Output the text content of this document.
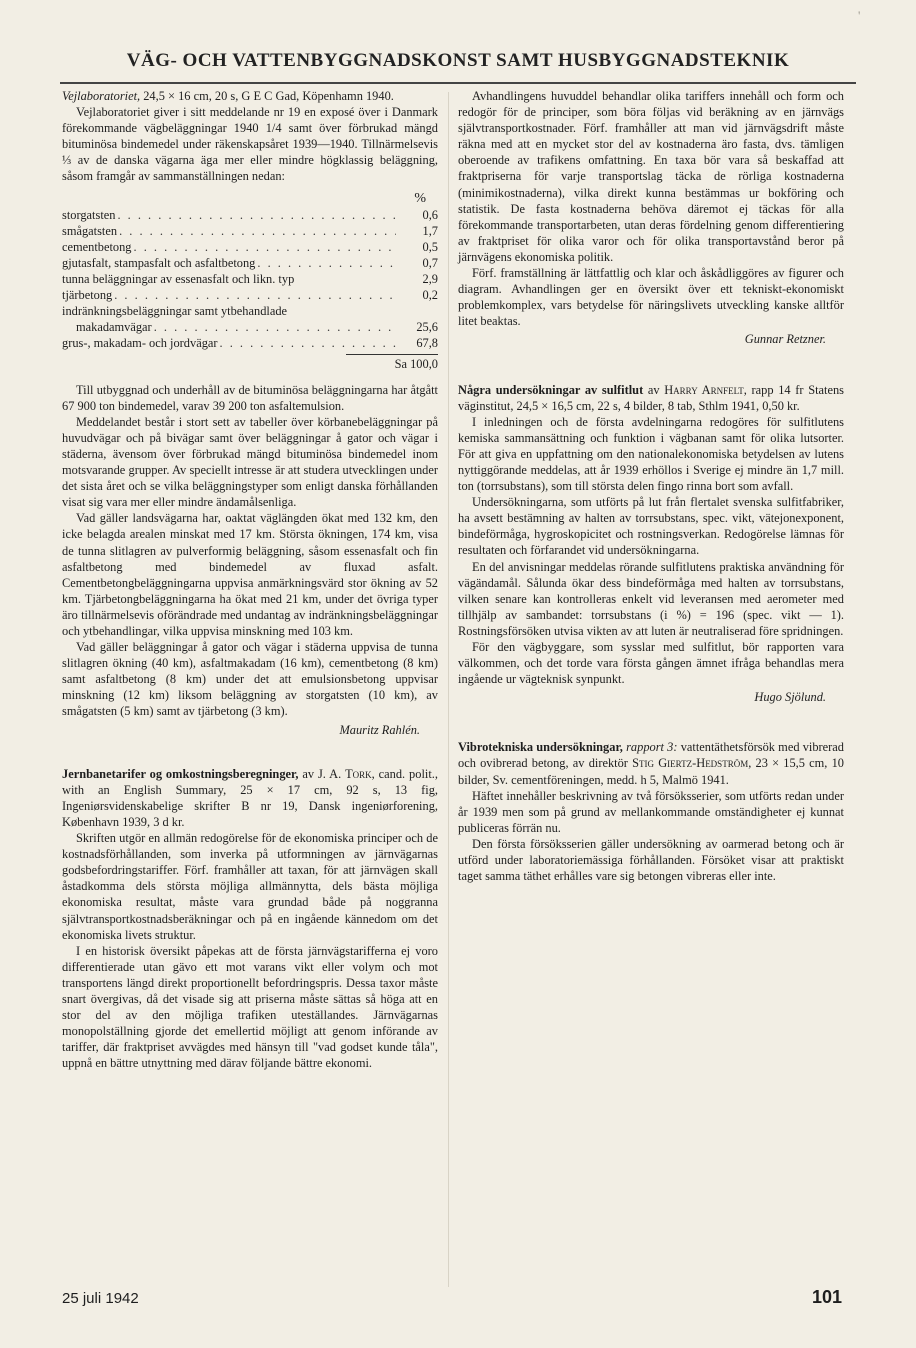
'
VÄG- OCH VATTENBYGGNADSKONST SAMT HUSBYGGNADSTEKNIK

Vejlaboratoriet, 24,5 × 16 cm, 20 s, G E C Gad, Köpenhamn 1940.

Vejlaboratoriet giver i sitt meddelande nr 19 en exposé över i Danmark förekommande vägbeläggningar 1940 1/4 samt över förbrukad mängd bituminösa bindemedel under räkenskapsåret 1939—1940. Tillnärmelsevis ⅓ av de danska vägarna äga mer eller mindre högklassig beläggning, såsom framgår av sammanställningen nedan:

%
storgatsten . . .	0,6
smågatsten . . .	1,7
cementbetong . . .	0,5
gjutasfalt, stampasfalt och asfaltbetong . . .	0,7
tunna beläggningar av essenasfalt och likn. typ	2,9
tjärbetong . . .	0,2
indränkningsbeläggningar samt ytbehandlade
makadamvägar . . .	25,6
grus-, makadam- och jordvägar . . .	67,8
Sa 100,0

Till utbyggnad och underhåll av de bituminösa beläggningarna har åtgått 67 900 ton bindemedel, varav 39 200 ton asfaltemulsion.

Meddelandet består i stort sett av tabeller över körbanebeläggningar på huvudvägar och på bivägar samt över beläggningar å gator och vägar i städerna, ävensom över förbrukad mängd bituminösa bindemedel inom motsvarande grupper. Av speciellt intresse är att studera utvecklingen under det sista året och se vilka beläggningstyper som enligt danska förhållanden visat sig vara mer eller mindre ändamålsenliga.

Vad gäller landsvägarna har, oaktat väglängden ökat med 132 km, den icke belagda arealen minskat med 17 km. Största ökningen, 174 km, visa de tunna slitlagren av pulverformig beläggning, såsom essenasfalt och fin asfaltbetong med bindemedel av fluxad asfalt. Cementbetongbeläggningarna uppvisa anmärkningsvärd stor ökning av 52 km. Tjärbetongbeläggningarna ha ökat med 21 km, under det övriga typer äro tillnärmelsevis oförändrade med undantag av indränkningsbeläggningar och ytbehandlingar, vilka uppvisa minskning med 103 km.

Vad gäller beläggningar å gator och vägar i städerna uppvisa de tunna slitlagren ökning (40 km), asfaltmakadam (16 km), cementbetong (8 km) samt asfaltbetong (8 km) under det att emulsionsbetong uppvisar minskning (12 km) liksom beläggning av storgatsten (10 km), av smågatsten (5 km) samt av tjärbetong (3 km).

Mauritz Rahlén.

Jernbanetarifer og omkostningsberegninger, av J. A. Tork, cand. polit., with an English Summary, 25 × 17 cm, 92 s, 13 fig, Ingeniørsvidenskabelige skrifter B nr 19, Dansk ingeniørforening, København 1939, 3 d kr.

Skriften utgör en allmän redogörelse för de ekonomiska principer och de kostnadsförhållanden, som inverka på utformningen av järnvägarnas godsbefordringstariffer. Förf. framhåller att taxan, för att järnvägen skall åstadkomma dels största möjliga allmännytta, dels bästa möjliga ekonomiska resultat, måste vara grundad både på noggranna självtransportkostnadsberäkningar och på en ingående kännedom om det ekonomiska livets struktur.

I en historisk översikt påpekas att de första järnvägstarifferna ej voro differentierade utan gävo ett mot varans vikt eller volym och mot transportens längd direkt proportionellt befordringspris. Dessa taxor måste snart övergivas, då det visade sig att priserna måste sättas så höga att en stor del av den möjliga trafiken uteställandes. Järnvägarnas monopolställning gjorde det emellertid möjligt att genom införande av tariffer, där fraktpriset avvägdes med hänsyn till "vad godset kunde tåla", uppnå en bättre utnyttning med därav följande bättre ekonomi.

Avhandlingens huvuddel behandlar olika tariffers innehåll och form och redogör för de principer, som böra följas vid beräkning av en järnvägs självtransportkostnader. Förf. framhåller att man vid järnvägsdrift måste räkna med att en mycket stor del av kostnaderna äro fasta, dvs. tämligen oberoende av trafikens omfattning. En taxa bör vara så beskaffad att fraktpriserna för varje transportslag täcka de rörliga kostnaderna (minimikostnaderna), vilka direkt kunna bestämmas ur bokföring och statistik. De fasta kostnaderna behöva däremot ej täckas för alla förekommande transportarbeten, utan deras fördelning genom differentiering av fraktpriset för olika varor och för olika transportavstånd beror på järnvägens ekonomiska politik.

Förf. framställning är lättfattlig och klar och åskådliggöres av figurer och diagram. Avhandlingen ger en översikt över ett tekniskt-ekonomiskt problemkomplex, vars betydelse för näringslivets utveckling kanske alltför litet beaktas.

Gunnar Retzner.

Några undersökningar av sulfitlut av Harry Arnfelt, rapp 14 fr Statens väginstitut, 24,5 × 16,5 cm, 22 s, 4 bilder, 8 tab, Sthlm 1941, 0,50 kr.

I inledningen och de första avdelningarna redogöres för sulfitlutens kemiska sammansättning och funktion i vägbanan samt för olika lutsorter. För att giva en uppfattning om den nationalekonomiska betydelsen av lutens nyttiggörande meddelas, att år 1939 erhöllos i Sverige ej mindre än 1,7 mill. ton (torrsubstans), som till största delen fingo rinna bort som avfall.

Undersökningarna, som utförts på lut från flertalet svenska sulfitfabriker, ha avsett bestämning av halten av torrsubstans, spec. vikt, vätejonexponent, bindeförmåga, hygroskopicitet och rostningsverkan. Redogörelse lämnas för resultaten och förfarandet vid undersökningarna.

En del anvisningar meddelas rörande sulfitlutens praktiska användning för vägändamål. Sålunda ökar dess bindeförmåga med halten av torrsubstans, vilken senare kan kontrolleras enkelt vid leveransen med aerometer med tillhjälp av sambandet: torrsubstans (i %) = 196 (spec. vikt — 1). Rostningsförsöken utvisa vikten av att luten är neutraliserad före spridningen.

För den vägbyggare, som sysslar med sulfitlut, bör rapporten vara välkommen, och det torde vara första gången ämnet ifråga behandlas mera ingående ur vägteknisk synpunkt.

Hugo Sjölund.

Vibrotekniska undersökningar, rapport 3: vattentäthetsförsök med vibrerad och ovibrerad betong, av direktör Stig Giertz-Hedström, 23 × 15,5 cm, 10 bilder, Sv. cementföreningen, medd. h 5, Malmö 1941.

Häftet innehåller beskrivning av två försöksserier, som utförts redan under år 1939 men som på grund av mellankommande omständigheter ej kunnat publiceras förrän nu.

Den första försöksserien gäller undersökning av oarmerad betong och är utförd under laboratoriemässiga förhållanden. Försöket visar att praktiskt taget samma täthet erhålles vare sig betongen vibreras eller inte.

25 juli 1942	101
